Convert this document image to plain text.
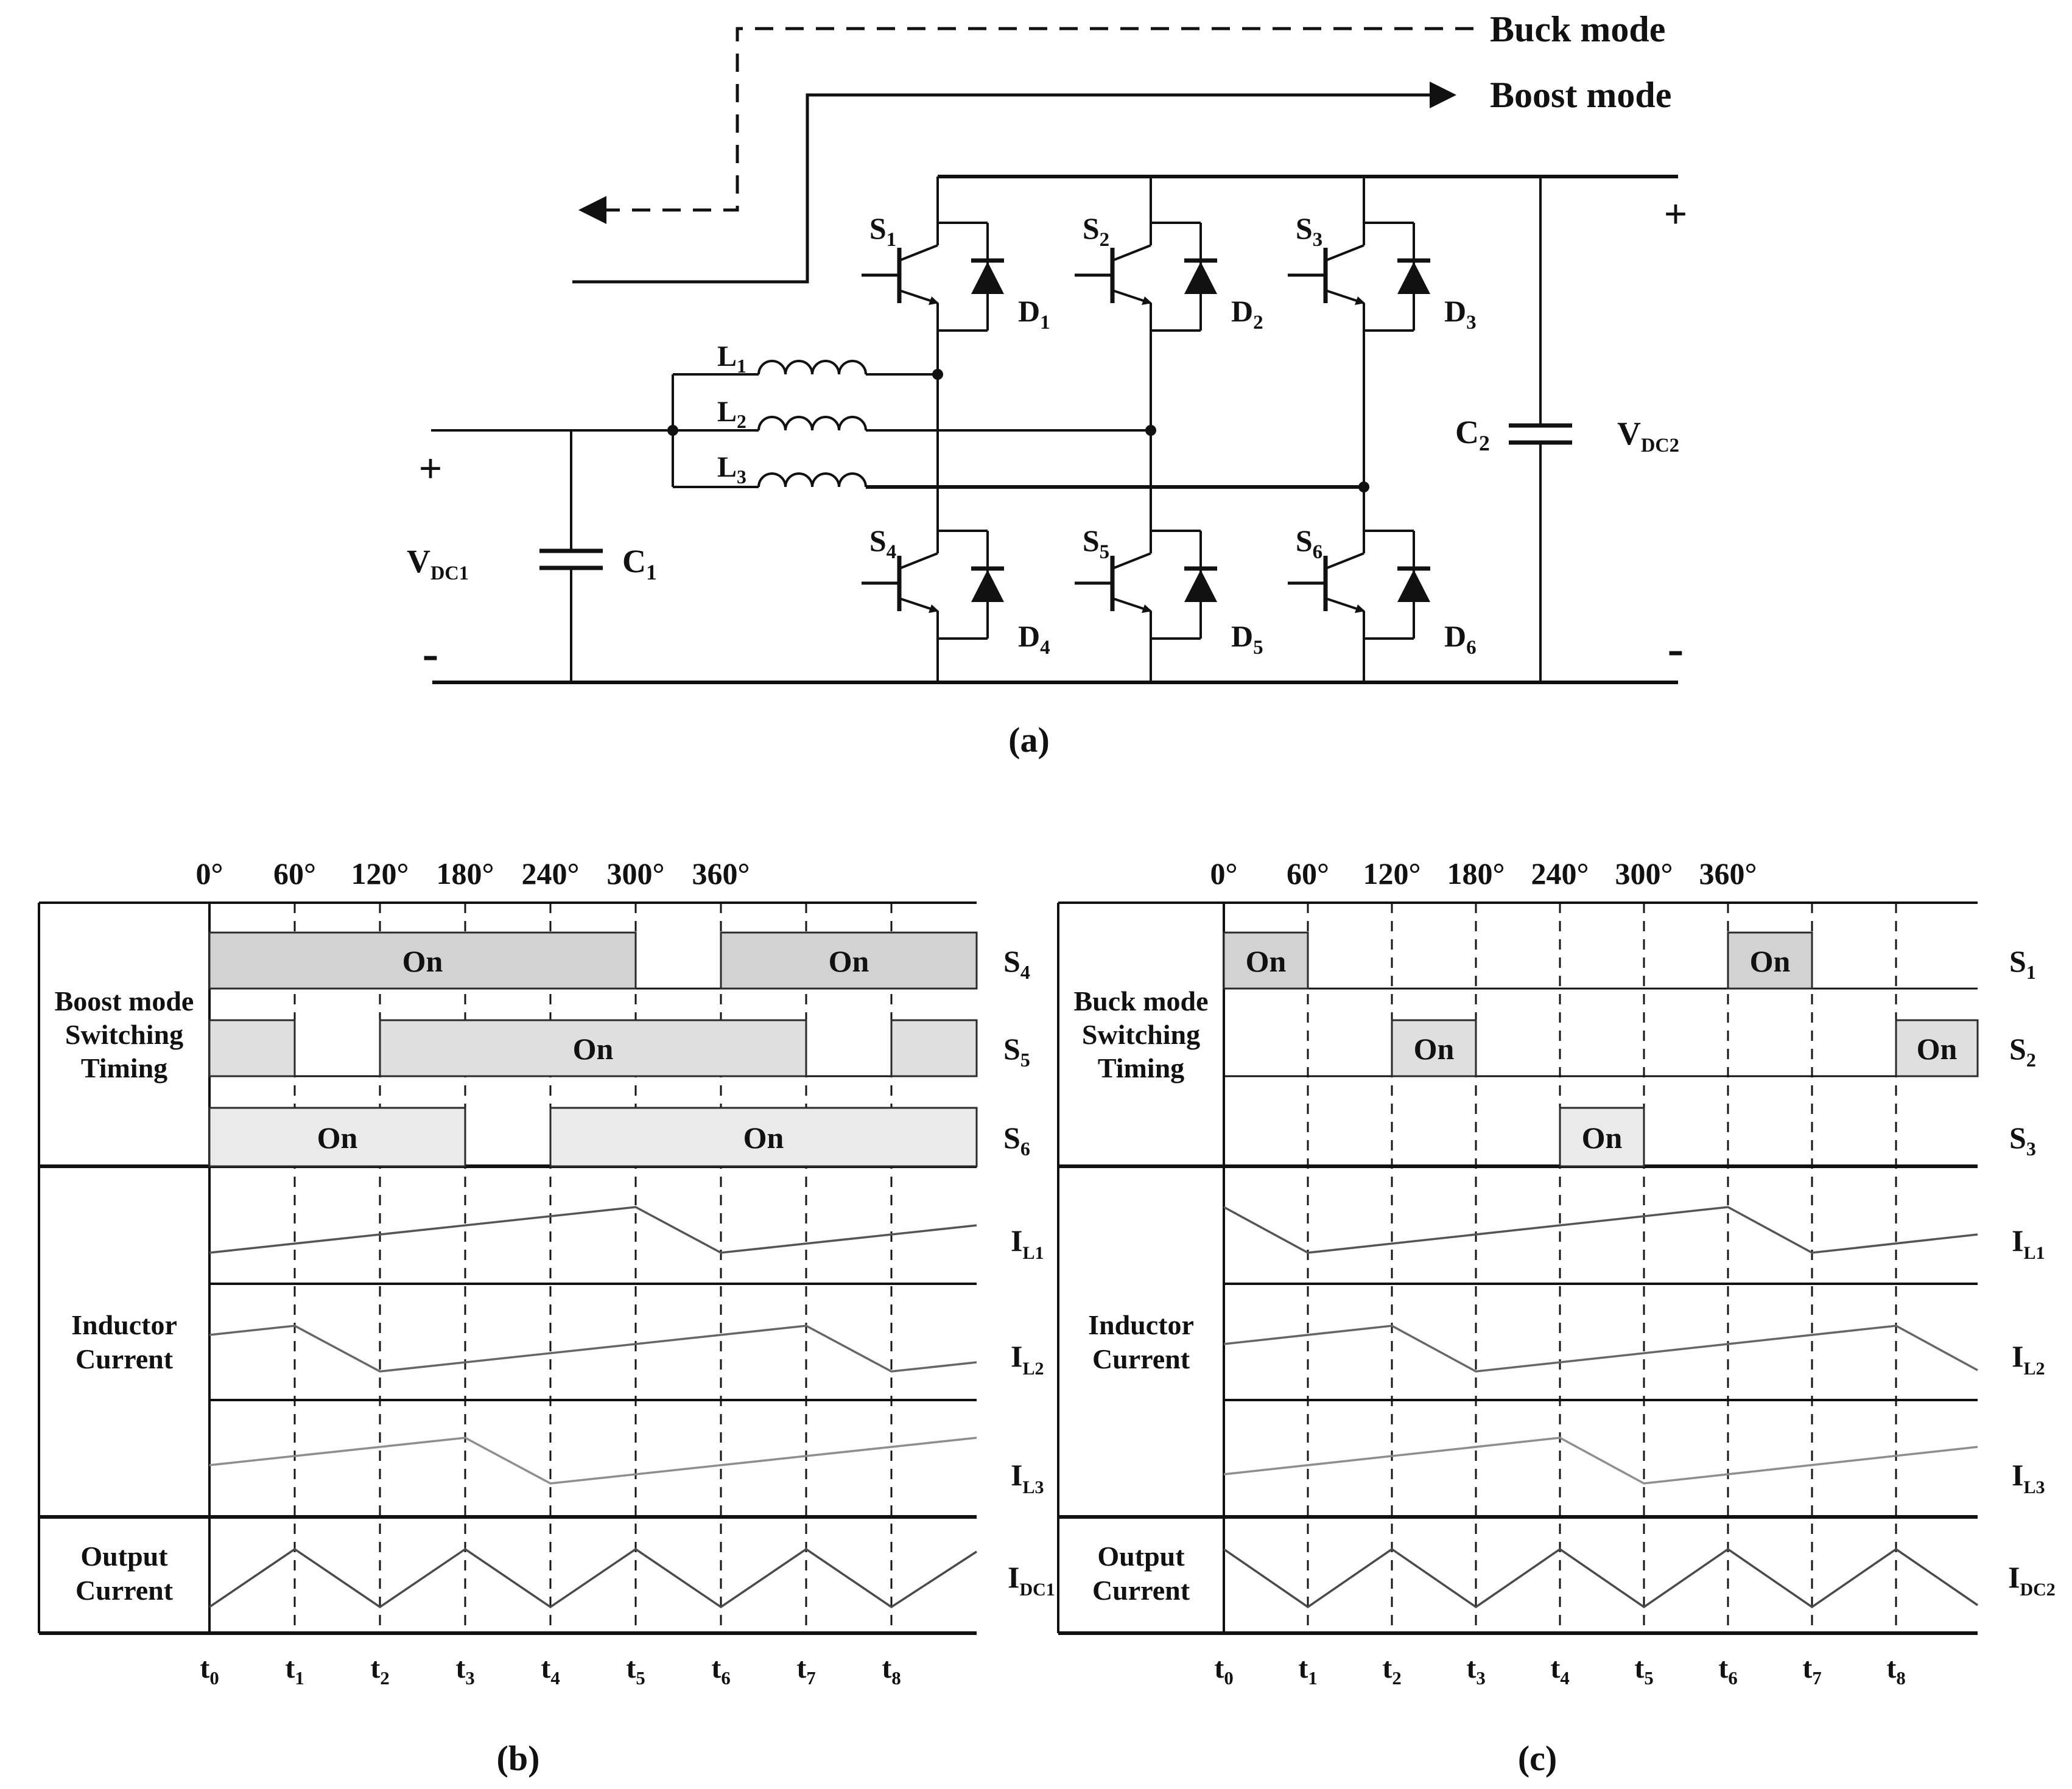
Buck mode
Boost mode
$S_1$	$S_2$	$S_3$
$S_4$	$S_5$	$S_6$
$D_1$	$D_2$	$D_3$
$D_4$	$D_5$	$D_6$
$L_1$
$L_2$
$L_3$
$C_1$
$C_2$
$V_{DC1}$
$V_{DC2}$
+
-
+
-
(a)
On	On
On
On	On
0° 60° 120° 180° 240° 300° 360°
Boost mode
Switching
Timing
Inductor
Current
Output
Current
$S_4$
$S_5$
$S_6$
$I_{L1}$
$I_{L2}$
$I_{L3}$
$I_{DC1}$
$t_0$ $t_1$ $t_2$ $t_3$ $t_4$ $t_5$ $t_6$ $t_7$ $t_8$
(b)
On	On
On	On
On
0° 60° 120° 180° 240° 300° 360°
Buck mode
Switching
Timing
Inductor
Current
Output
Current
$S_1$
$S_2$
$S_3$
$I_{L1}$
$I_{L2}$
$I_{L3}$
$I_{DC2}$
$t_0$ $t_1$ $t_2$ $t_3$ $t_4$ $t_5$ $t_6$ $t_7$ $t_8$
(c)
